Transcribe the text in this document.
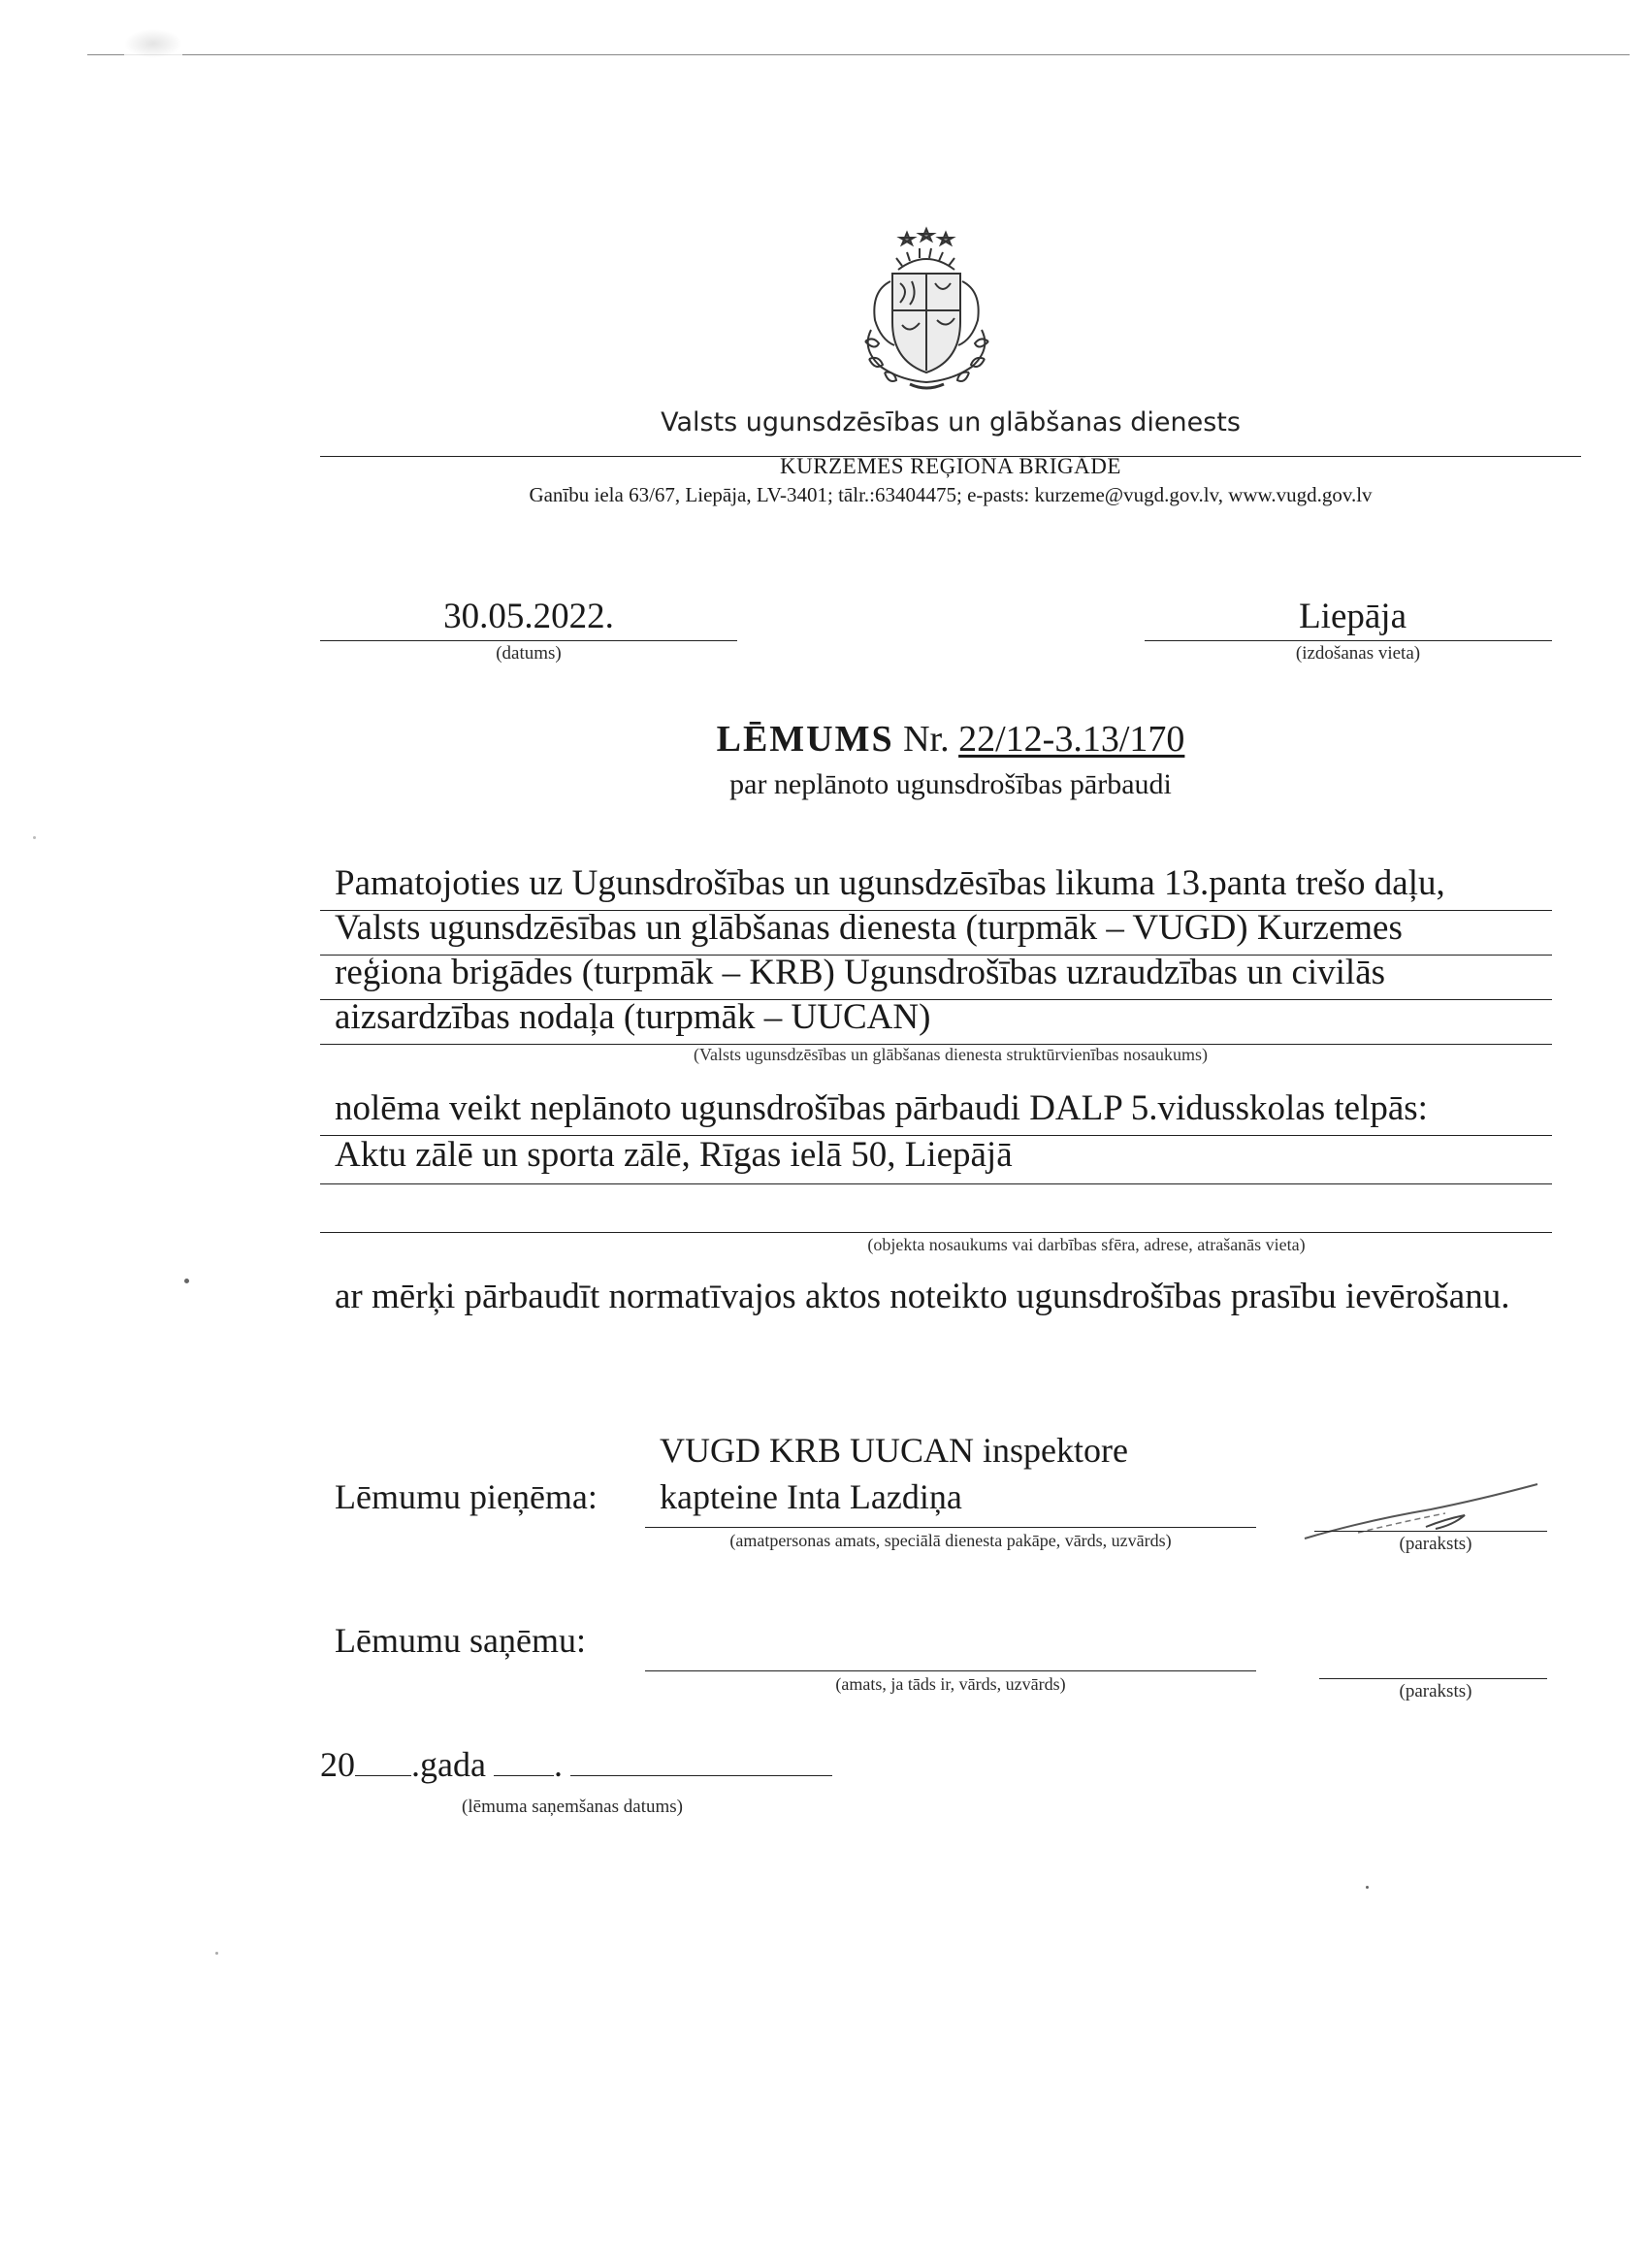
Valsts ugunsdzēsības un glābšanas dienests
KURZEMES REĢIONA BRIGĀDE
Ganību iela 63/67, Liepāja, LV-3401; tālr.:63404475; e-pasts: kurzeme@vugd.gov.lv, www.vugd.gov.lv
30.05.2022.
(datums)
Liepāja
(izdošanas vieta)
LĒMUMS Nr. 22/12-3.13/170
par neplānoto ugunsdrošības pārbaudi
Pamatojoties uz Ugunsdrošības un ugunsdzēsības likuma 13.panta trešo daļu,
Valsts ugunsdzēsības un glābšanas dienesta (turpmāk – VUGD) Kurzemes
reģiona brigādes (turpmāk – KRB) Ugunsdrošības uzraudzības un civilās
aizsardzības nodaļa (turpmāk – UUCAN)
(Valsts ugunsdzēsības un glābšanas dienesta struktūrvienības nosaukums)
nolēma veikt neplānoto ugunsdrošības pārbaudi DALP 5.vidusskolas telpās:
Aktu zālē un sporta zālē, Rīgas ielā 50, Liepājā
(objekta nosaukums vai darbības sfēra, adrese, atrašanās vieta)
ar mērķi pārbaudīt normatīvajos aktos noteikto ugunsdrošības prasību ievērošanu.
VUGD KRB UUCAN inspektore
Lēmumu pieņēma:	kapteine Inta Lazdiņa
(amatpersonas amats, speciālā dienesta pakāpe, vārds, uzvārds)	(paraksts)
Lēmumu saņēmu:
(amats, ja tāds ir, vārds, uzvārds)	(paraksts)
20 .gada .
(lēmuma saņemšanas datums)
